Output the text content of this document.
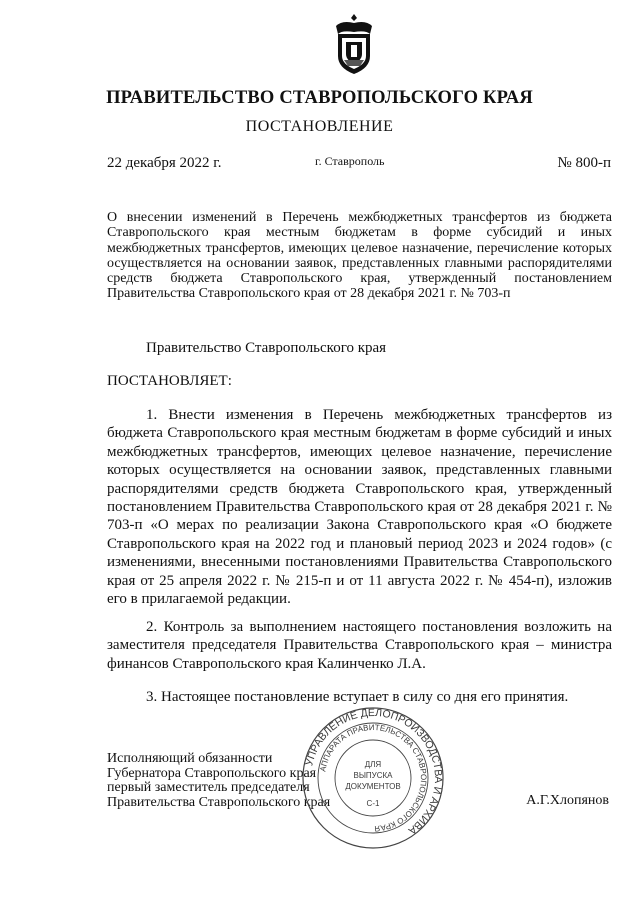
ПРАВИТЕЛЬСТВО СТАВРОПОЛЬСКОГО КРАЯ
ПОСТАНОВЛЕНИЕ
22 декабря 2022 г.	г. Ставрополь	№ 800-п
О внесении изменений в Перечень межбюджетных трансфертов из бюджета Ставропольского края местным бюджетам в форме субсидий и иных межбюджетных трансфертов, имеющих целевое назначение, перечисление которых осуществляется на основании заявок, представленных главными распорядителями средств бюджета Ставропольского края, утвержденный постановлением Правительства Ставропольского края от 28 декабря 2021 г. № 703-п
Правительство Ставропольского края
ПОСТАНОВЛЯЕТ:
1. Внести изменения в Перечень межбюджетных трансфертов из бюджета Ставропольского края местным бюджетам в форме субсидий и иных межбюджетных трансфертов, имеющих целевое назначение, перечисление которых осуществляется на основании заявок, представленных главными распорядителями средств бюджета Ставропольского края, утвержденный постановлением Правительства Ставропольского края от 28 декабря 2021 г. № 703-п «О мерах по реализации Закона Ставропольского края «О бюджете Ставропольского края на 2022 год и плановый период 2023 и 2024 годов» (с изменениями, внесенными постановлениями Правительства Ставропольского края от 25 апреля 2022 г. № 215-п и от 11 августа 2022 г. № 454-п), изложив его в прилагаемой редакции.
2. Контроль за выполнением настоящего постановления возложить на заместителя председателя Правительства Ставропольского края – министра финансов Ставропольского края Калинченко Л.А.
3. Настоящее постановление вступает в силу со дня его принятия.
Исполняющий обязанности
Губернатора Ставропольского края
первый заместитель председателя
Правительства Ставропольского края	А.Г.Хлопянов
УПРАВЛЕНИЕ ДЕЛОПРОИЗВОДСТВА И АРХИВА
АППАРАТА ПРАВИТЕЛЬСТВА СТАВРОПОЛЬСКОГО КРАЯ
ДЛЯ
ВЫПУСКА
ДОКУМЕНТОВ
С-1
